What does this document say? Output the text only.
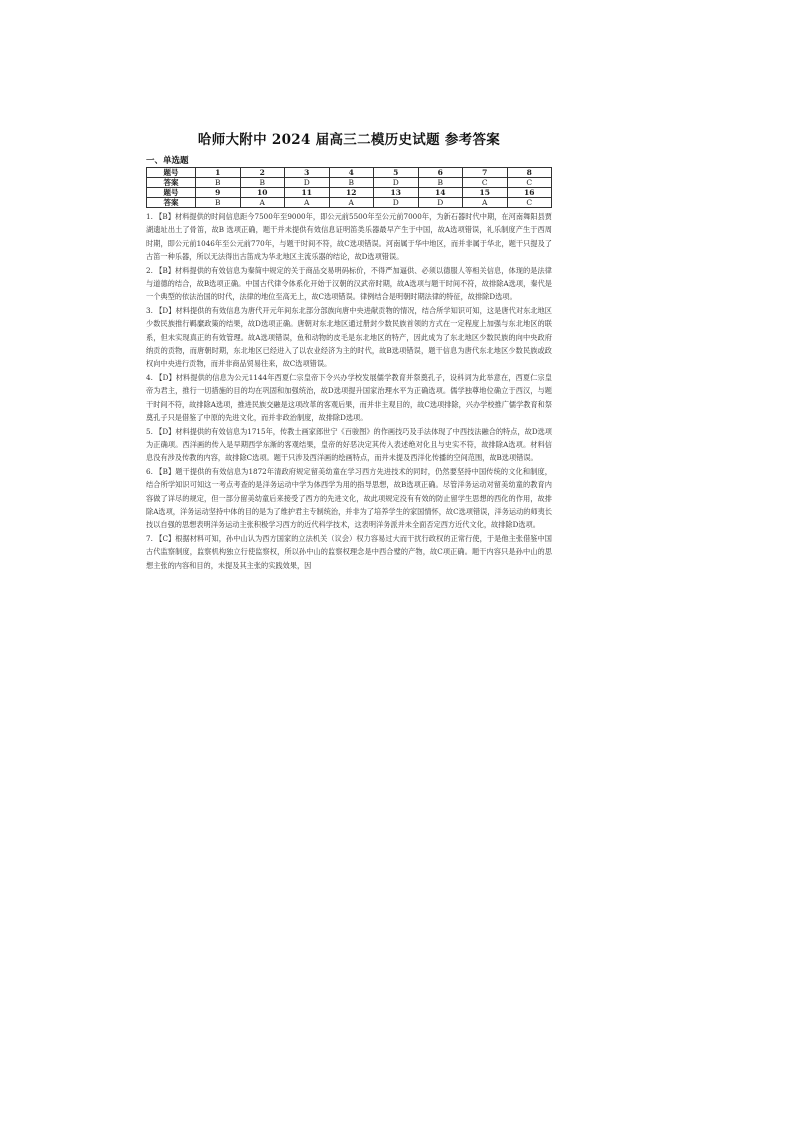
哈师大附中 2024 届高三二模历史试题 参考答案
一、单选题
题号	1	2	3	4	5	6	7	8
答案	B	B	D	B	D	B	C	C
题号	9	10	11	12	13	14	15	16
答案	B	A	A	A	D	D	A	C

1. 【B】材料提供的时间信息距今7500年至9000年，即公元前5500年至公元前7000年，为新石器时代中期，在河南舞阳县贾湖遗址出土了骨笛，故B 选项正确，题干并未提供有效信息证明笛类乐器最早产生于中国，故A选项错误，礼乐制度产生于西周时期，即公元前1046年至公元前770年，与题干时间不符，故C选项错误。河南属于华中地区，而并非属于华北，题干只提及了古笛一种乐器，所以无法得出古笛成为华北地区主流乐器的结论，故D选项错误。

2. 【B】材料提供的有效信息为秦简中规定的关于商品交易明码标价，不得严加逼供、必须以德服人等相关信息，体现的是法律与道德的结合，故B选项正确。中国古代律令体系化开始于汉朝的汉武帝时期，故A选项与题干时间不符，故排除A选项，秦代是一个典型的依法治国的时代，法律的地位至高无上，故C选项错误。律例结合是明朝时期法律的特征，故排除D选项。

3. 【D】材料提供的有效信息为唐代开元年间东北部分部族向唐中央进献贡物的情况，结合所学知识可知，这是唐代对东北地区少数民族推行羁縻政策的结果，故D选项正确。唐朝对东北地区通过册封少数民族首领的方式在一定程度上加强与东北地区的联系，但未实现真正的有效管理。故A选项错误，鱼和动物的皮毛是东北地区的特产，因此成为了东北地区少数民族的向中央政府纳贡的贡物，而唐朝时期，东北地区已经进入了以农业经济为主的时代，故B选项错误，题干信息为唐代东北地区少数民族或政权向中央进行贡物，而并非商品贸易往来，故C选项错误。

4. 【D】材料提供的信息为公元1144年西夏仁宗皇帝下令兴办学校发展儒学教育并祭奠孔子，设科词为此举意在，西夏仁宗皇帝为君主，推行一切措施的目的均在巩固和加强统治，故D选项提升国家治理水平为正确选项。儒学独尊地位确立于西汉，与题干时间不符，故排除A选项，推进民族交融是这项改革的客观后果，而并非主观目的，故C选项排除，兴办学校推广儒学教育和祭奠孔子只是借鉴了中原的先进文化，而并非政治制度，故排除D选项。

5. 【D】材料提供的有效信息为1715年，传教士画家郎世宁《百骏图》的作画技巧及手法体现了中西技法融合的特点，故D选项为正确项。西洋画的传入是早期西学东渐的客观结果，皇帝的好恶决定其传入表述绝对化且与史实不符，故排除A选项。材料信息没有涉及传教的内容，故排除C选项。题干只涉及西洋画的绘画特点，而并未提及西洋化传播的空间范围，故B选项错误。

6. 【B】题干提供的有效信息为1872年清政府规定留美幼童在学习西方先进技术的同时，仍然要坚持中国传统的文化和制度，结合所学知识可知这一考点考查的是洋务运动中学为体西学为用的指导思想，故B选项正确。尽管洋务运动对留美幼童的教育内容做了详尽的规定，但一部分留美幼童后来接受了西方的先进文化，故此项规定没有有效的防止留学生思想的西化的作用，故排除A选项，洋务运动坚持中体的目的是为了维护君主专制统治，并非为了培养学生的家国情怀，故C选项错误，洋务运动的师夷长技以自强的思想表明洋务运动主张积极学习西方的近代科学技术，这表明洋务派并未全面否定西方近代文化，故排除D选项。

7. 【C】根据材料可知，孙中山认为西方国家的立法机关（议会）权力容易过大而干扰行政权的正常行使，于是他主张借鉴中国古代监察制度，监察机构独立行使监察权，所以孙中山的监察权理念是中西合璧的产物，故C项正确。题干内容只是孙中山的思想主张的内容和目的，未提及其主张的实践效果，因
